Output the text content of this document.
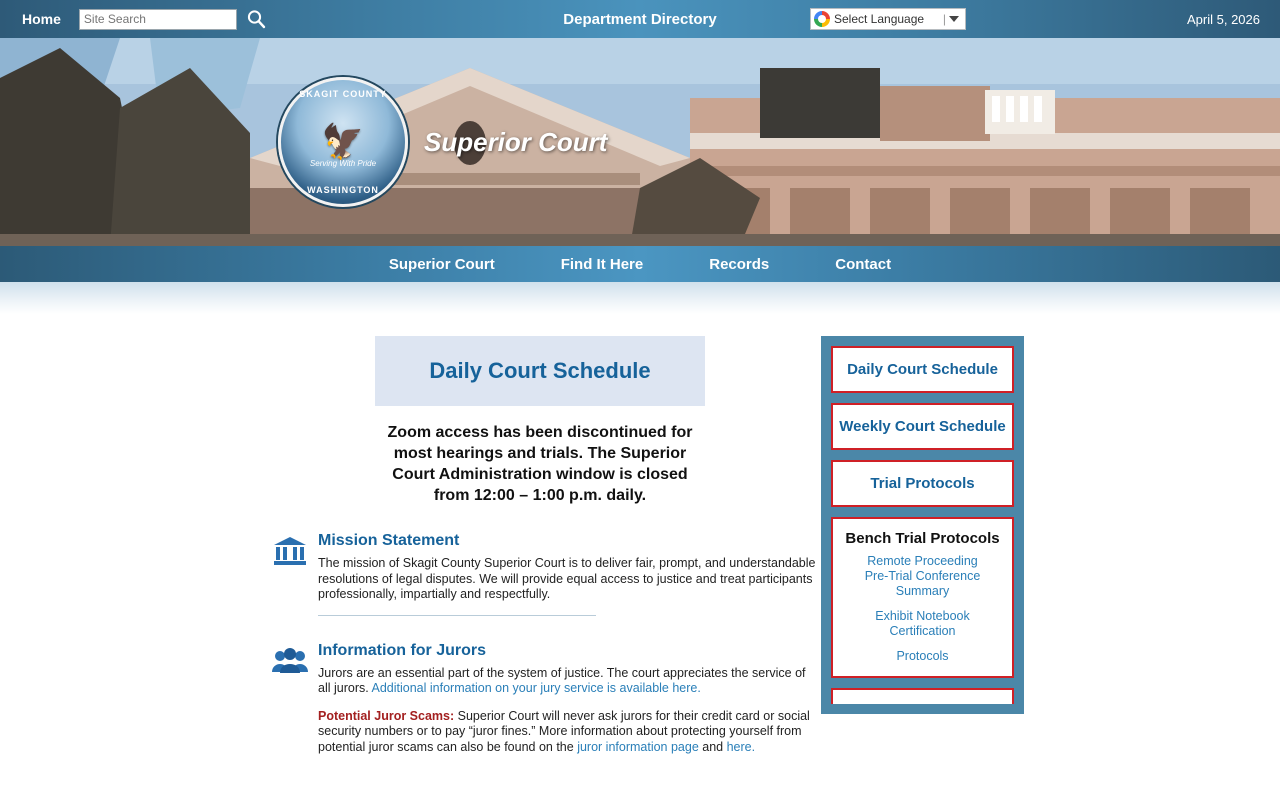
Home
Site Search	Department Directory	Select Language	|	April 5, 2026
SKAGIT COUNTY
🦅
Serving With Pride
WASHINGTON
Superior Court
Superior Court	Find It Here	Records	Contact
Daily Court Schedule
Zoom access has been discontinued for most hearings and trials. The Superior Court Administration window is closed from 12:00 – 1:00 p.m. daily.
Mission Statement

The mission of Skagit County Superior Court is to deliver fair, prompt, and understandable resolutions of legal disputes. We will provide equal access to justice and treat participants professionally, impartially and respectfully.

Information for Jurors

Jurors are an essential part of the system of justice. The court appreciates the service of all jurors. Additional information on your jury service is available here.

Potential Juror Scams: Superior Court will never ask jurors for their credit card or social security numbers or to pay “juror fines.” More information about protecting yourself from potential juror scams can also be found on the juror information page and here.

Daily Court Schedule
Weekly Court Schedule
Trial Protocols
Bench Trial Protocols
Remote Proceeding
Pre-Trial Conference Summary
Exhibit Notebook Certification
Protocols
